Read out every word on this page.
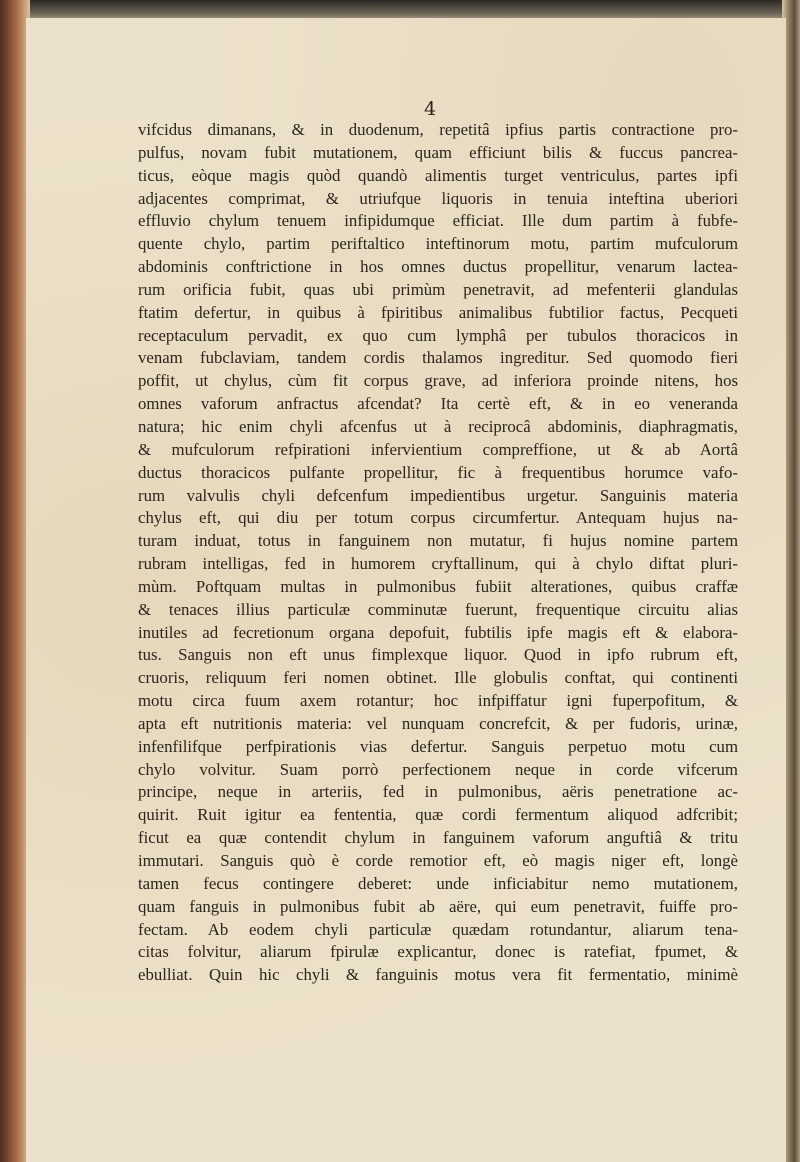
4
vifcidus dimanans, & in duodenum, repetitâ ipfius partis contractione pro-
pulfus, novam fubit mutationem, quam efficiunt bilis & fuccus pancrea-
ticus, eòque magis quòd quandò alimentis turget ventriculus, partes ipfi
adjacentes comprimat, & utriufque liquoris in tenuia inteftina uberiori
effluvio chylum tenuem infipidumque efficiat. Ille dum partim à fubfe-
quente chylo, partim periftaltico inteftinorum motu, partim mufculorum
abdominis conftrictione in hos omnes ductus propellitur, venarum lactea-
rum orificia fubit, quas ubi primùm penetravit, ad mefenterii glandulas
ftatim defertur, in quibus à fpiritibus animalibus fubtilior factus, Pecqueti
receptaculum pervadit, ex quo cum lymphâ per tubulos thoracicos in
venam fubclaviam, tandem cordis thalamos ingreditur. Sed quomodo fieri
poffit, ut chylus, cùm fit corpus grave, ad inferiora proinde nitens, hos
omnes vaforum anfractus afcendat? Ita certè eft, & in eo veneranda
natura; hic enim chyli afcenfus ut à reciprocâ abdominis, diaphragmatis,
& mufculorum refpirationi infervientium compreffione, ut & ab Aortâ
ductus thoracicos pulfante propellitur, fic à frequentibus horumce vafo-
rum valvulis chyli defcenfum impedientibus urgetur. Sanguinis materia
chylus eft, qui diu per totum corpus circumfertur. Antequam hujus na-
turam induat, totus in fanguinem non mutatur, fi hujus nomine partem
rubram intelligas, fed in humorem cryftallinum, qui à chylo diftat pluri-
mùm. Poftquam multas in pulmonibus fubiit alterationes, quibus craffæ
& tenaces illius particulæ comminutæ fuerunt, frequentique circuitu alias
inutiles ad fecretionum organa depofuit, fubtilis ipfe magis eft & elabora-
tus. Sanguis non eft unus fimplexque liquor. Quod in ipfo rubrum eft,
cruoris, reliquum feri nomen obtinet. Ille globulis conftat, qui continenti
motu circa fuum axem rotantur; hoc infpiffatur igni fuperpofitum, &
apta eft nutritionis materia: vel nunquam concrefcit, & per fudoris, urinæ,
infenfilifque perfpirationis vias defertur. Sanguis perpetuo motu cum
chylo volvitur. Suam porrò perfectionem neque in corde vifcerum
principe, neque in arteriis, fed in pulmonibus, aëris penetratione ac-
quirit. Ruit igitur ea fententia, quæ cordi fermentum aliquod adfcribit;
ficut ea quæ contendit chylum in fanguinem vaforum anguftiâ & tritu
immutari. Sanguis quò è corde remotior eft, eò magis niger eft, longè
tamen fecus contingere deberet: unde inficiabitur nemo mutationem,
quam fanguis in pulmonibus fubit ab aëre, qui eum penetravit, fuiffe pro-
fectam. Ab eodem chyli particulæ quædam rotundantur, aliarum tena-
citas folvitur, aliarum fpirulæ explicantur, donec is ratefiat, fpumet, &
ebulliat. Quin hic chyli & fanguinis motus vera fit fermentatio, minimè
